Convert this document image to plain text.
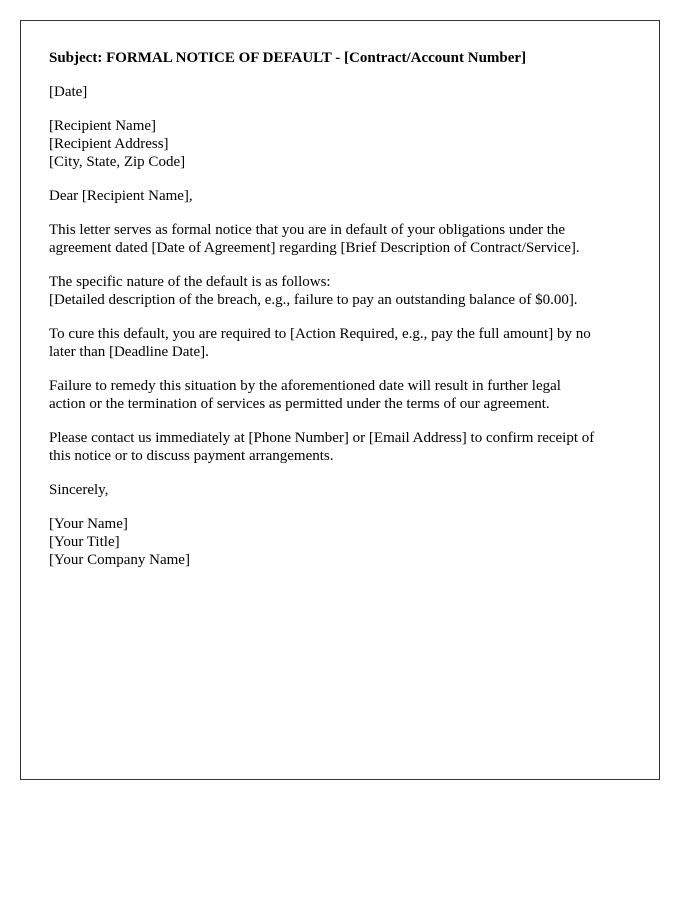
Subject: FORMAL NOTICE OF DEFAULT - [Contract/Account Number]
[Date]
[Recipient Name]
[Recipient Address]
[City, State, Zip Code]
Dear [Recipient Name],
This letter serves as formal notice that you are in default of your obligations under the
agreement dated [Date of Agreement] regarding [Brief Description of Contract/Service].
The specific nature of the default is as follows:
[Detailed description of the breach, e.g., failure to pay an outstanding balance of $0.00].
To cure this default, you are required to [Action Required, e.g., pay the full amount] by no
later than [Deadline Date].
Failure to remedy this situation by the aforementioned date will result in further legal
action or the termination of services as permitted under the terms of our agreement.
Please contact us immediately at [Phone Number] or [Email Address] to confirm receipt of
this notice or to discuss payment arrangements.
Sincerely,
[Your Name]
[Your Title]
[Your Company Name]
